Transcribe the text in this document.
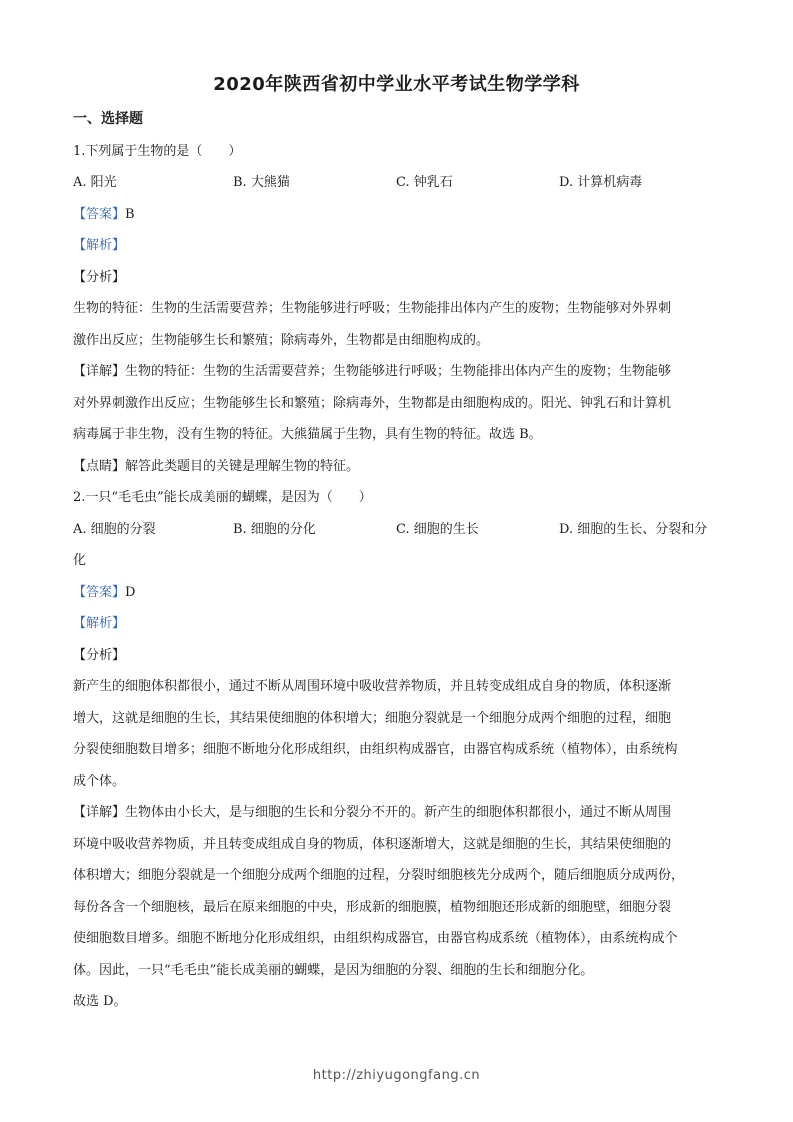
2020年陕西省初中学业水平考试生物学学科
一、选择题
1.下列属于生物的是（　　）
A. 阳光	B. 大熊猫	C. 钟乳石	D. 计算机病毒
【答案】B
【解析】
【分析】
生物的特征：生物的生活需要营养；生物能够进行呼吸；生物能排出体内产生的废物；生物能够对外界刺
激作出反应；生物能够生长和繁殖；除病毒外，生物都是由细胞构成的。
【详解】生物的特征：生物的生活需要营养；生物能够进行呼吸；生物能排出体内产生的废物；生物能够
对外界刺激作出反应；生物能够生长和繁殖；除病毒外，生物都是由细胞构成的。阳光、钟乳石和计算机
病毒属于非生物，没有生物的特征。大熊猫属于生物，具有生物的特征。故选 B。
【点睛】解答此类题目的关键是理解生物的特征。
2.一只“毛毛虫”能长成美丽的蝴蝶，是因为（　　）
A. 细胞的分裂	B. 细胞的分化	C. 细胞的生长	D. 细胞的生长、分裂和分
化
【答案】D
【解析】
【分析】
新产生的细胞体积都很小，通过不断从周围环境中吸收营养物质，并且转变成组成自身的物质，体积逐渐
增大，这就是细胞的生长，其结果使细胞的体积增大；细胞分裂就是一个细胞分成两个细胞的过程，细胞
分裂使细胞数目增多；细胞不断地分化形成组织，由组织构成器官，由器官构成系统（植物体），由系统构
成个体。
【详解】生物体由小长大，是与细胞的生长和分裂分不开的。新产生的细胞体积都很小，通过不断从周围
环境中吸收营养物质，并且转变成组成自身的物质，体积逐渐增大，这就是细胞的生长，其结果使细胞的
体积增大；细胞分裂就是一个细胞分成两个细胞的过程，分裂时细胞核先分成两个，随后细胞质分成两份，
每份各含一个细胞核，最后在原来细胞的中央，形成新的细胞膜，植物细胞还形成新的细胞壁，细胞分裂
使细胞数目增多。细胞不断地分化形成组织，由组织构成器官，由器官构成系统（植物体），由系统构成个
体。因此，一只“毛毛虫”能长成美丽的蝴蝶，是因为细胞的分裂、细胞的生长和细胞分化。
故选 D。
http://zhiyugongfang.cn
